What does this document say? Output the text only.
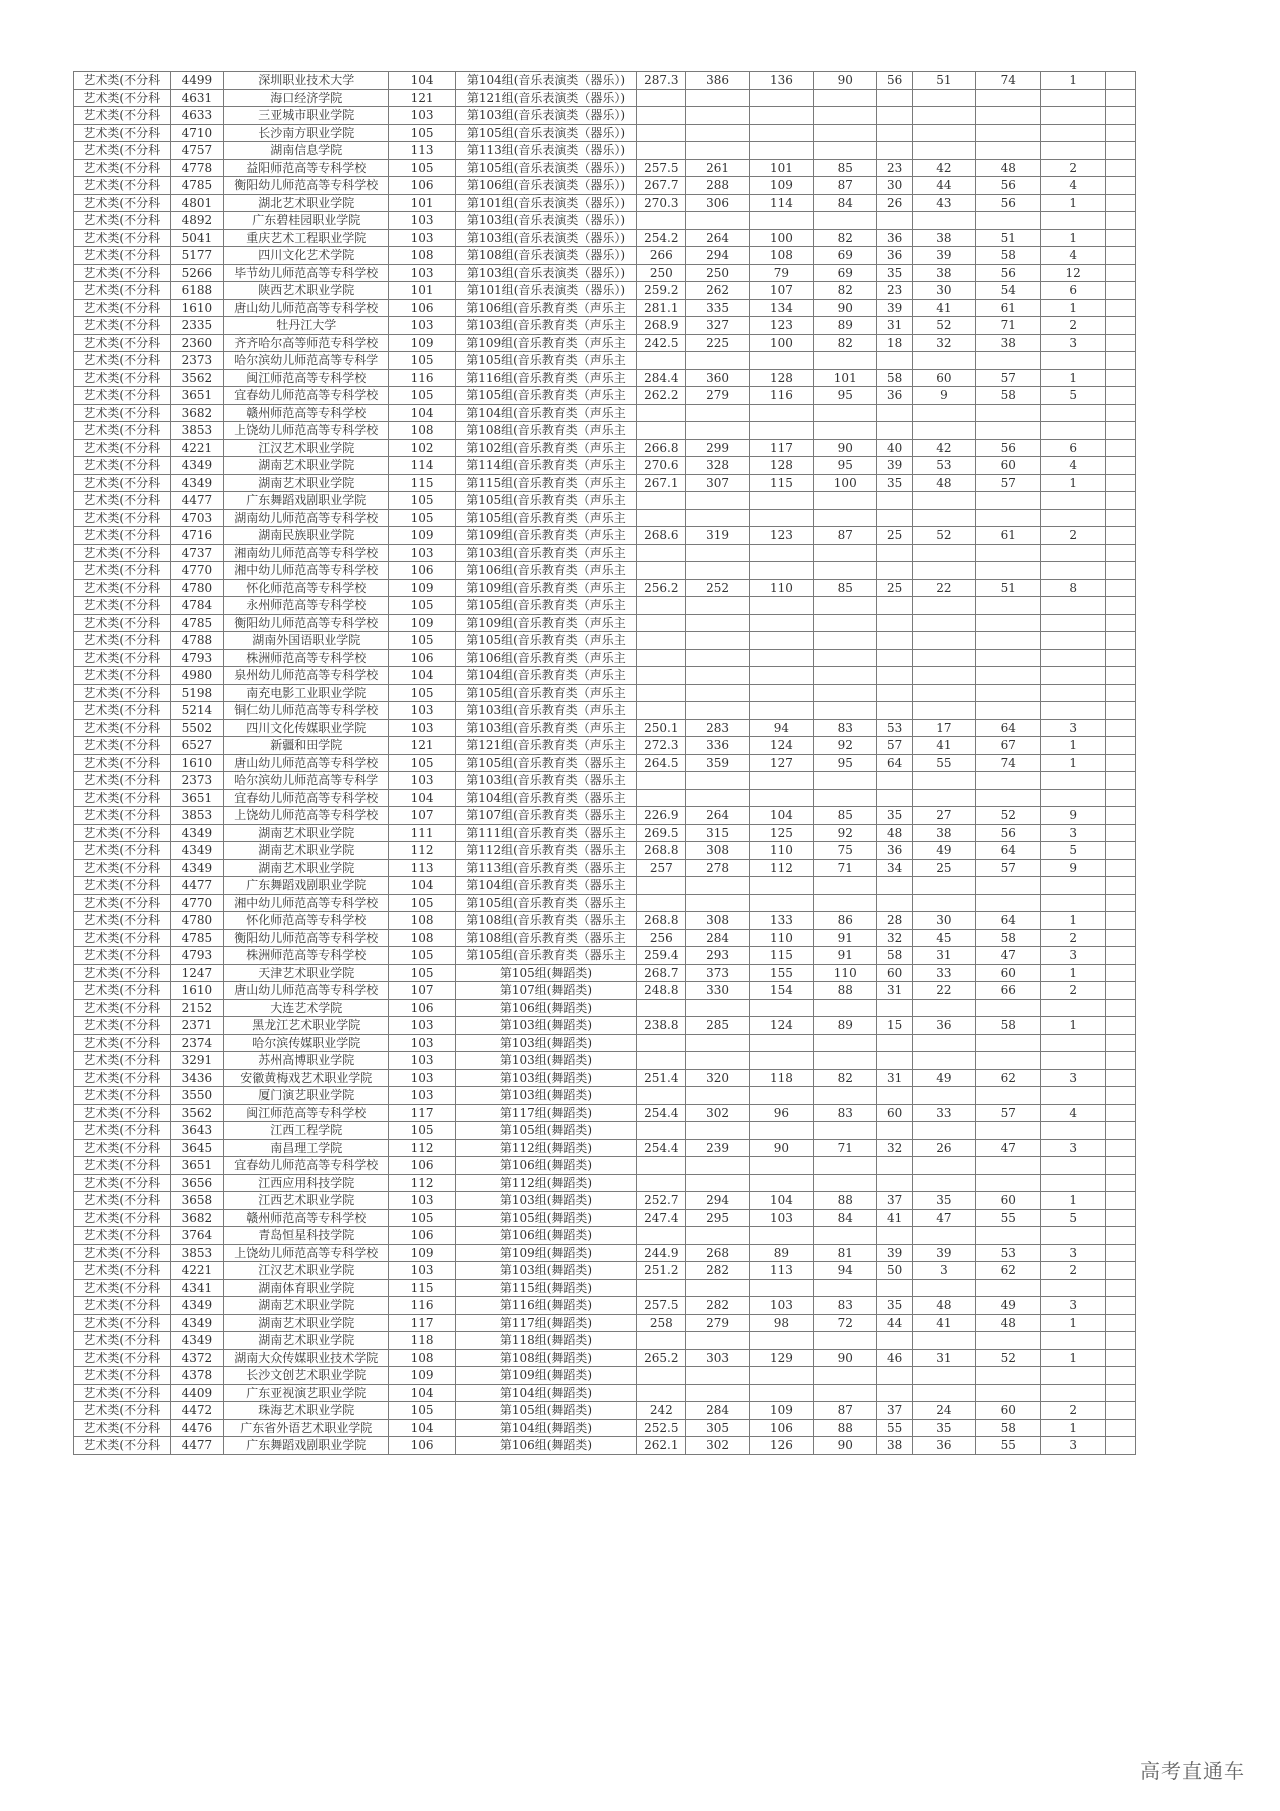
艺术类(不分科	4499	深圳职业技术大学	104	第104组(音乐表演类（器乐）)	287.3	386	136	90	56	51	74	1	
艺术类(不分科	4631	海口经济学院	121	第121组(音乐表演类（器乐）)									
艺术类(不分科	4633	三亚城市职业学院	103	第103组(音乐表演类（器乐）)									
艺术类(不分科	4710	长沙南方职业学院	105	第105组(音乐表演类（器乐）)									
艺术类(不分科	4757	湖南信息学院	113	第113组(音乐表演类（器乐）)									
艺术类(不分科	4778	益阳师范高等专科学校	105	第105组(音乐表演类（器乐）)	257.5	261	101	85	23	42	48	2	
艺术类(不分科	4785	衡阳幼儿师范高等专科学校	106	第106组(音乐表演类（器乐）)	267.7	288	109	87	30	44	56	4	
艺术类(不分科	4801	湖北艺术职业学院	101	第101组(音乐表演类（器乐）)	270.3	306	114	84	26	43	56	1	
艺术类(不分科	4892	广东碧桂园职业学院	103	第103组(音乐表演类（器乐）)									
艺术类(不分科	5041	重庆艺术工程职业学院	103	第103组(音乐表演类（器乐）)	254.2	264	100	82	36	38	51	1	
艺术类(不分科	5177	四川文化艺术学院	108	第108组(音乐表演类（器乐）)	266	294	108	69	36	39	58	4	
艺术类(不分科	5266	毕节幼儿师范高等专科学校	103	第103组(音乐表演类（器乐）)	250	250	79	69	35	38	56	12	
艺术类(不分科	6188	陕西艺术职业学院	101	第101组(音乐表演类（器乐）)	259.2	262	107	82	23	30	54	6	
艺术类(不分科	1610	唐山幼儿师范高等专科学校	106	第106组(音乐教育类（声乐主	281.1	335	134	90	39	41	61	1	
艺术类(不分科	2335	牡丹江大学	103	第103组(音乐教育类（声乐主	268.9	327	123	89	31	52	71	2	
艺术类(不分科	2360	齐齐哈尔高等师范专科学校	109	第109组(音乐教育类（声乐主	242.5	225	100	82	18	32	38	3	
艺术类(不分科	2373	哈尔滨幼儿师范高等专科学	105	第105组(音乐教育类（声乐主									
艺术类(不分科	3562	闽江师范高等专科学校	116	第116组(音乐教育类（声乐主	284.4	360	128	101	58	60	57	1	
艺术类(不分科	3651	宜春幼儿师范高等专科学校	105	第105组(音乐教育类（声乐主	262.2	279	116	95	36	9	58	5	
艺术类(不分科	3682	赣州师范高等专科学校	104	第104组(音乐教育类（声乐主									
艺术类(不分科	3853	上饶幼儿师范高等专科学校	108	第108组(音乐教育类（声乐主									
艺术类(不分科	4221	江汉艺术职业学院	102	第102组(音乐教育类（声乐主	266.8	299	117	90	40	42	56	6	
艺术类(不分科	4349	湖南艺术职业学院	114	第114组(音乐教育类（声乐主	270.6	328	128	95	39	53	60	4	
艺术类(不分科	4349	湖南艺术职业学院	115	第115组(音乐教育类（声乐主	267.1	307	115	100	35	48	57	1	
艺术类(不分科	4477	广东舞蹈戏剧职业学院	105	第105组(音乐教育类（声乐主									
艺术类(不分科	4703	湖南幼儿师范高等专科学校	105	第105组(音乐教育类（声乐主									
艺术类(不分科	4716	湖南民族职业学院	109	第109组(音乐教育类（声乐主	268.6	319	123	87	25	52	61	2	
艺术类(不分科	4737	湘南幼儿师范高等专科学校	103	第103组(音乐教育类（声乐主									
艺术类(不分科	4770	湘中幼儿师范高等专科学校	106	第106组(音乐教育类（声乐主									
艺术类(不分科	4780	怀化师范高等专科学校	109	第109组(音乐教育类（声乐主	256.2	252	110	85	25	22	51	8	
艺术类(不分科	4784	永州师范高等专科学校	105	第105组(音乐教育类（声乐主									
艺术类(不分科	4785	衡阳幼儿师范高等专科学校	109	第109组(音乐教育类（声乐主									
艺术类(不分科	4788	湖南外国语职业学院	105	第105组(音乐教育类（声乐主									
艺术类(不分科	4793	株洲师范高等专科学校	106	第106组(音乐教育类（声乐主									
艺术类(不分科	4980	泉州幼儿师范高等专科学校	104	第104组(音乐教育类（声乐主									
艺术类(不分科	5198	南充电影工业职业学院	105	第105组(音乐教育类（声乐主									
艺术类(不分科	5214	铜仁幼儿师范高等专科学校	103	第103组(音乐教育类（声乐主									
艺术类(不分科	5502	四川文化传媒职业学院	103	第103组(音乐教育类（声乐主	250.1	283	94	83	53	17	64	3	
艺术类(不分科	6527	新疆和田学院	121	第121组(音乐教育类（声乐主	272.3	336	124	92	57	41	67	1	
艺术类(不分科	1610	唐山幼儿师范高等专科学校	105	第105组(音乐教育类（器乐主	264.5	359	127	95	64	55	74	1	
艺术类(不分科	2373	哈尔滨幼儿师范高等专科学	103	第103组(音乐教育类（器乐主									
艺术类(不分科	3651	宜春幼儿师范高等专科学校	104	第104组(音乐教育类（器乐主									
艺术类(不分科	3853	上饶幼儿师范高等专科学校	107	第107组(音乐教育类（器乐主	226.9	264	104	85	35	27	52	9	
艺术类(不分科	4349	湖南艺术职业学院	111	第111组(音乐教育类（器乐主	269.5	315	125	92	48	38	56	3	
艺术类(不分科	4349	湖南艺术职业学院	112	第112组(音乐教育类（器乐主	268.8	308	110	75	36	49	64	5	
艺术类(不分科	4349	湖南艺术职业学院	113	第113组(音乐教育类（器乐主	257	278	112	71	34	25	57	9	
艺术类(不分科	4477	广东舞蹈戏剧职业学院	104	第104组(音乐教育类（器乐主									
艺术类(不分科	4770	湘中幼儿师范高等专科学校	105	第105组(音乐教育类（器乐主									
艺术类(不分科	4780	怀化师范高等专科学校	108	第108组(音乐教育类（器乐主	268.8	308	133	86	28	30	64	1	
艺术类(不分科	4785	衡阳幼儿师范高等专科学校	108	第108组(音乐教育类（器乐主	256	284	110	91	32	45	58	2	
艺术类(不分科	4793	株洲师范高等专科学校	105	第105组(音乐教育类（器乐主	259.4	293	115	91	58	31	47	3	
艺术类(不分科	1247	天津艺术职业学院	105	第105组(舞蹈类)	268.7	373	155	110	60	33	60	1	
艺术类(不分科	1610	唐山幼儿师范高等专科学校	107	第107组(舞蹈类)	248.8	330	154	88	31	22	66	2	
艺术类(不分科	2152	大连艺术学院	106	第106组(舞蹈类)									
艺术类(不分科	2371	黑龙江艺术职业学院	103	第103组(舞蹈类)	238.8	285	124	89	15	36	58	1	
艺术类(不分科	2374	哈尔滨传媒职业学院	103	第103组(舞蹈类)									
艺术类(不分科	3291	苏州高博职业学院	103	第103组(舞蹈类)									
艺术类(不分科	3436	安徽黄梅戏艺术职业学院	103	第103组(舞蹈类)	251.4	320	118	82	31	49	62	3	
艺术类(不分科	3550	厦门演艺职业学院	103	第103组(舞蹈类)									
艺术类(不分科	3562	闽江师范高等专科学校	117	第117组(舞蹈类)	254.4	302	96	83	60	33	57	4	
艺术类(不分科	3643	江西工程学院	105	第105组(舞蹈类)									
艺术类(不分科	3645	南昌理工学院	112	第112组(舞蹈类)	254.4	239	90	71	32	26	47	3	
艺术类(不分科	3651	宜春幼儿师范高等专科学校	106	第106组(舞蹈类)									
艺术类(不分科	3656	江西应用科技学院	112	第112组(舞蹈类)									
艺术类(不分科	3658	江西艺术职业学院	103	第103组(舞蹈类)	252.7	294	104	88	37	35	60	1	
艺术类(不分科	3682	赣州师范高等专科学校	105	第105组(舞蹈类)	247.4	295	103	84	41	47	55	5	
艺术类(不分科	3764	青岛恒星科技学院	106	第106组(舞蹈类)									
艺术类(不分科	3853	上饶幼儿师范高等专科学校	109	第109组(舞蹈类)	244.9	268	89	81	39	39	53	3	
艺术类(不分科	4221	江汉艺术职业学院	103	第103组(舞蹈类)	251.2	282	113	94	50	3	62	2	
艺术类(不分科	4341	湖南体育职业学院	115	第115组(舞蹈类)									
艺术类(不分科	4349	湖南艺术职业学院	116	第116组(舞蹈类)	257.5	282	103	83	35	48	49	3	
艺术类(不分科	4349	湖南艺术职业学院	117	第117组(舞蹈类)	258	279	98	72	44	41	48	1	
艺术类(不分科	4349	湖南艺术职业学院	118	第118组(舞蹈类)									
艺术类(不分科	4372	湖南大众传媒职业技术学院	108	第108组(舞蹈类)	265.2	303	129	90	46	31	52	1	
艺术类(不分科	4378	长沙文创艺术职业学院	109	第109组(舞蹈类)									
艺术类(不分科	4409	广东亚视演艺职业学院	104	第104组(舞蹈类)									
艺术类(不分科	4472	珠海艺术职业学院	105	第105组(舞蹈类)	242	284	109	87	37	24	60	2	
艺术类(不分科	4476	广东省外语艺术职业学院	104	第104组(舞蹈类)	252.5	305	106	88	55	35	58	1	
艺术类(不分科	4477	广东舞蹈戏剧职业学院	106	第106组(舞蹈类)	262.1	302	126	90	38	36	55	3	
高考直通车
